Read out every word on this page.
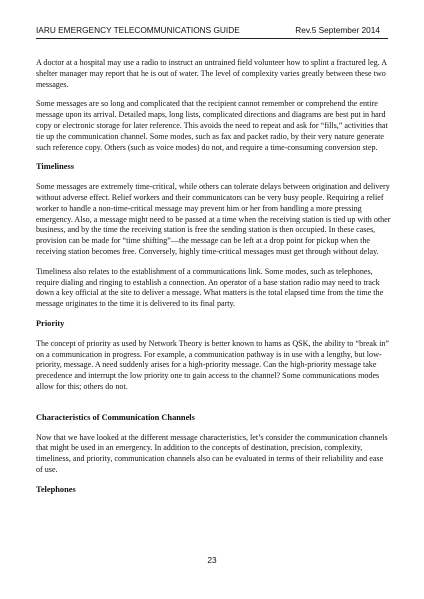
IARU EMERGENCY TELECOMMUNICATIONS GUIDE	Rev.5 September 2014

A doctor at a hospital may use a radio to instruct an untrained field volunteer how to splint a fractured leg. A shelter manager may report that he is out of water. The level of complexity varies greatly between these two messages.

Some messages are so long and complicated that the recipient cannot remember or comprehend the entire message upon its arrival. Detailed maps, long lists, complicated directions and diagrams are best put in hard copy or electronic storage for later reference. This avoids the need to repeat and ask for “fills,” activities that tie up the communication channel. Some modes, such as fax and packet radio, by their very nature generate such reference copy. Others (such as voice modes) do not, and require a time-consuming conversion step.

Timeliness

Some messages are extremely time-critical, while others can tolerate delays between origination and delivery without adverse effect. Relief workers and their communicators can be very busy people. Requiring a relief worker to handle a non-time-critical message may prevent him or her from handling a more pressing emergency. Also, a message might need to be passed at a time when the receiving station is tied up with other business, and by the time the receiving station is free the sending station is then occupied. In these cases, provision can be made for “time shifting”—the message can be left at a drop point for pickup when the receiving station becomes free. Conversely, highly time-critical messages must get through without delay.

Timeliness also relates to the establishment of a communications link. Some modes, such as telephones, require dialing and ringing to establish a connection. An operator of a base station radio may need to track down a key official at the site to deliver a message. What matters is the total elapsed time from the time the message originates to the time it is delivered to its final party.

Priority

The concept of priority as used by Network Theory is better known to hams as QSK, the ability to “break in” on a communication in progress. For example, a communication pathway is in use with a lengthy, but low-priority, message. A need suddenly arises for a high-priority message. Can the high-priority message take precedence and interrupt the low priority one to gain access to the channel? Some communications modes allow for this; others do not.

Characteristics of Communication Channels

Now that we have looked at the different message characteristics, let’s consider the communication channels that might be used in an emergency. In addition to the concepts of destination, precision, complexity, timeliness, and priority, communication channels also can be evaluated in terms of their reliability and ease of use.

Telephones
23
